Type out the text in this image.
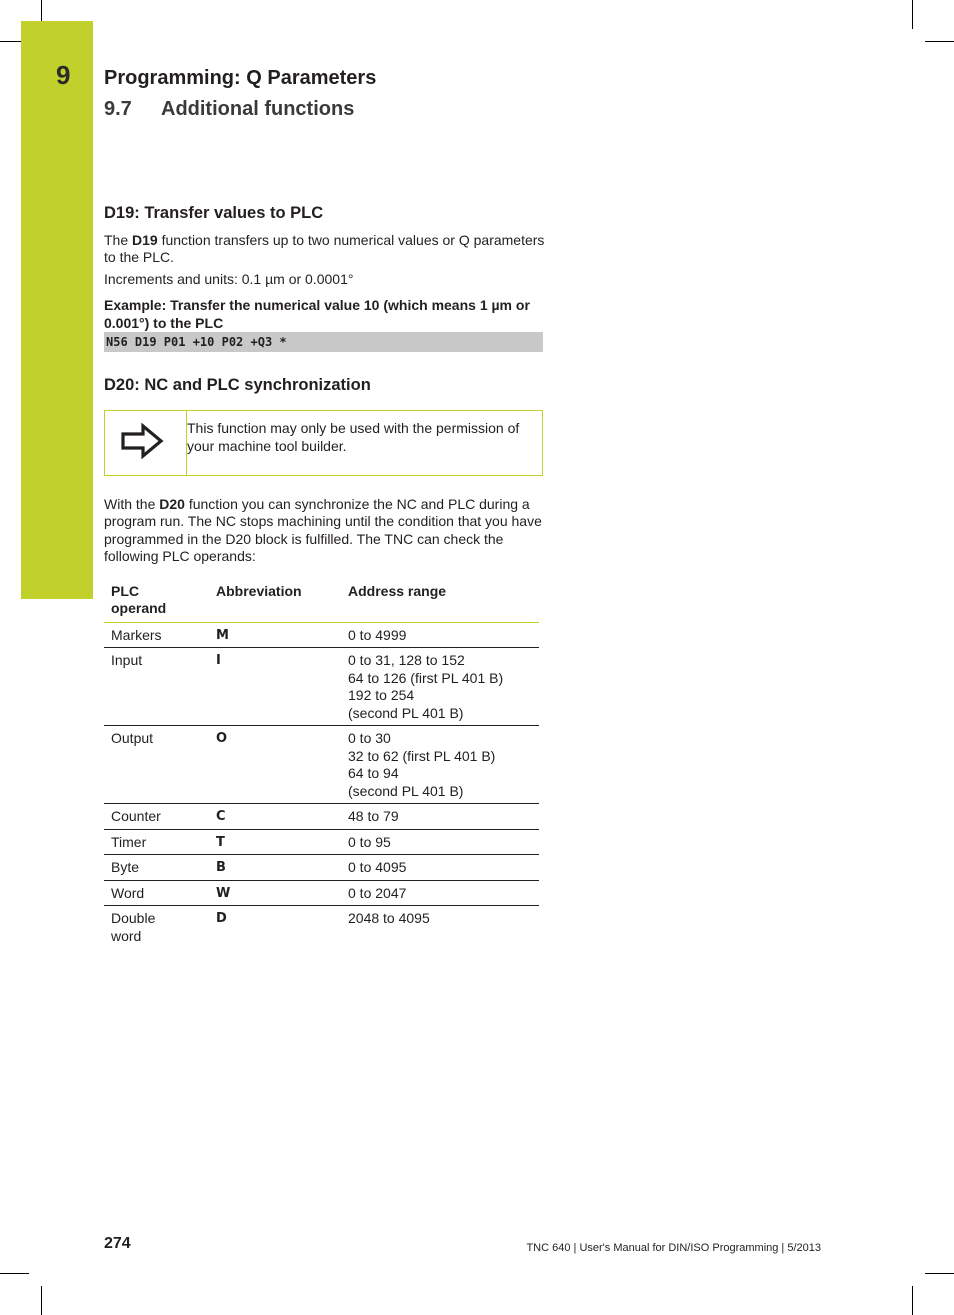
9 Programming: Q Parameters
9.7 Additional functions
D19: Transfer values to PLC

The D19 function transfers up to two numerical values or Q parameters to the PLC.

Increments and units: 0.1 µm or 0.0001°

Example: Transfer the numerical value 10 (which means 1 µm or 0.001°) to the PLC

N56 D19 P01 +10 P02 +Q3 *
D20: NC and PLC synchronization
This function may only be used with the permission of your machine tool builder.

With the D20 function you can synchronize the NC and PLC during a program run. The NC stops machining until the condition that you have programmed in the D20 block is fulfilled. The TNC can check the following PLC operands:

PLC
operand	Abbreviation	Address range
Markers	M	0 to 4999

Input	I	0 to 31, 128 to 152
64 to 126 (first PL 401 B)
192 to 254
(second PL 401 B)

Output	O	0 to 30
32 to 62 (first PL 401 B)
64 to 94
(second PL 401 B)

Counter	C	48 to 79

Timer	T	0 to 95

Byte	B	0 to 4095

Word	W	0 to 2047

Double
word	D	2048 to 4095
274	TNC 640 | User's Manual for DIN/ISO Programming | 5/2013
